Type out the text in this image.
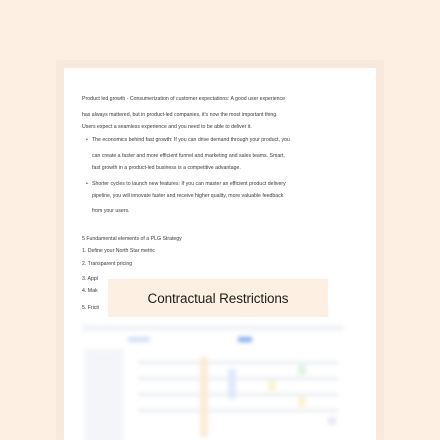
Product led growth - Consumerization of customer expectations: A good user experience
has always mattered, but in product-led companies, it's now the most important thing.
Users expect a seamless experience and you need to be able to deliver it.
• The economics behind fast growth: If you can drive demand through your product, you
can create a faster and more efficient funnel and marketing and sales teams. Smart,
fast growth in a product-led business is a competitive advantage.
• Shorter cycles to launch new features: If you can master an efficient product delivery
pipeline, you will innovate faster and receive higher quality, more valuable feedback
from your users.
5 Fundamental elements of a PLG Strategy
1. Define your North Star metric
2. Transparent pricing
3. Appl
4. Mak
5. Fricti
Contractual Restrictions
